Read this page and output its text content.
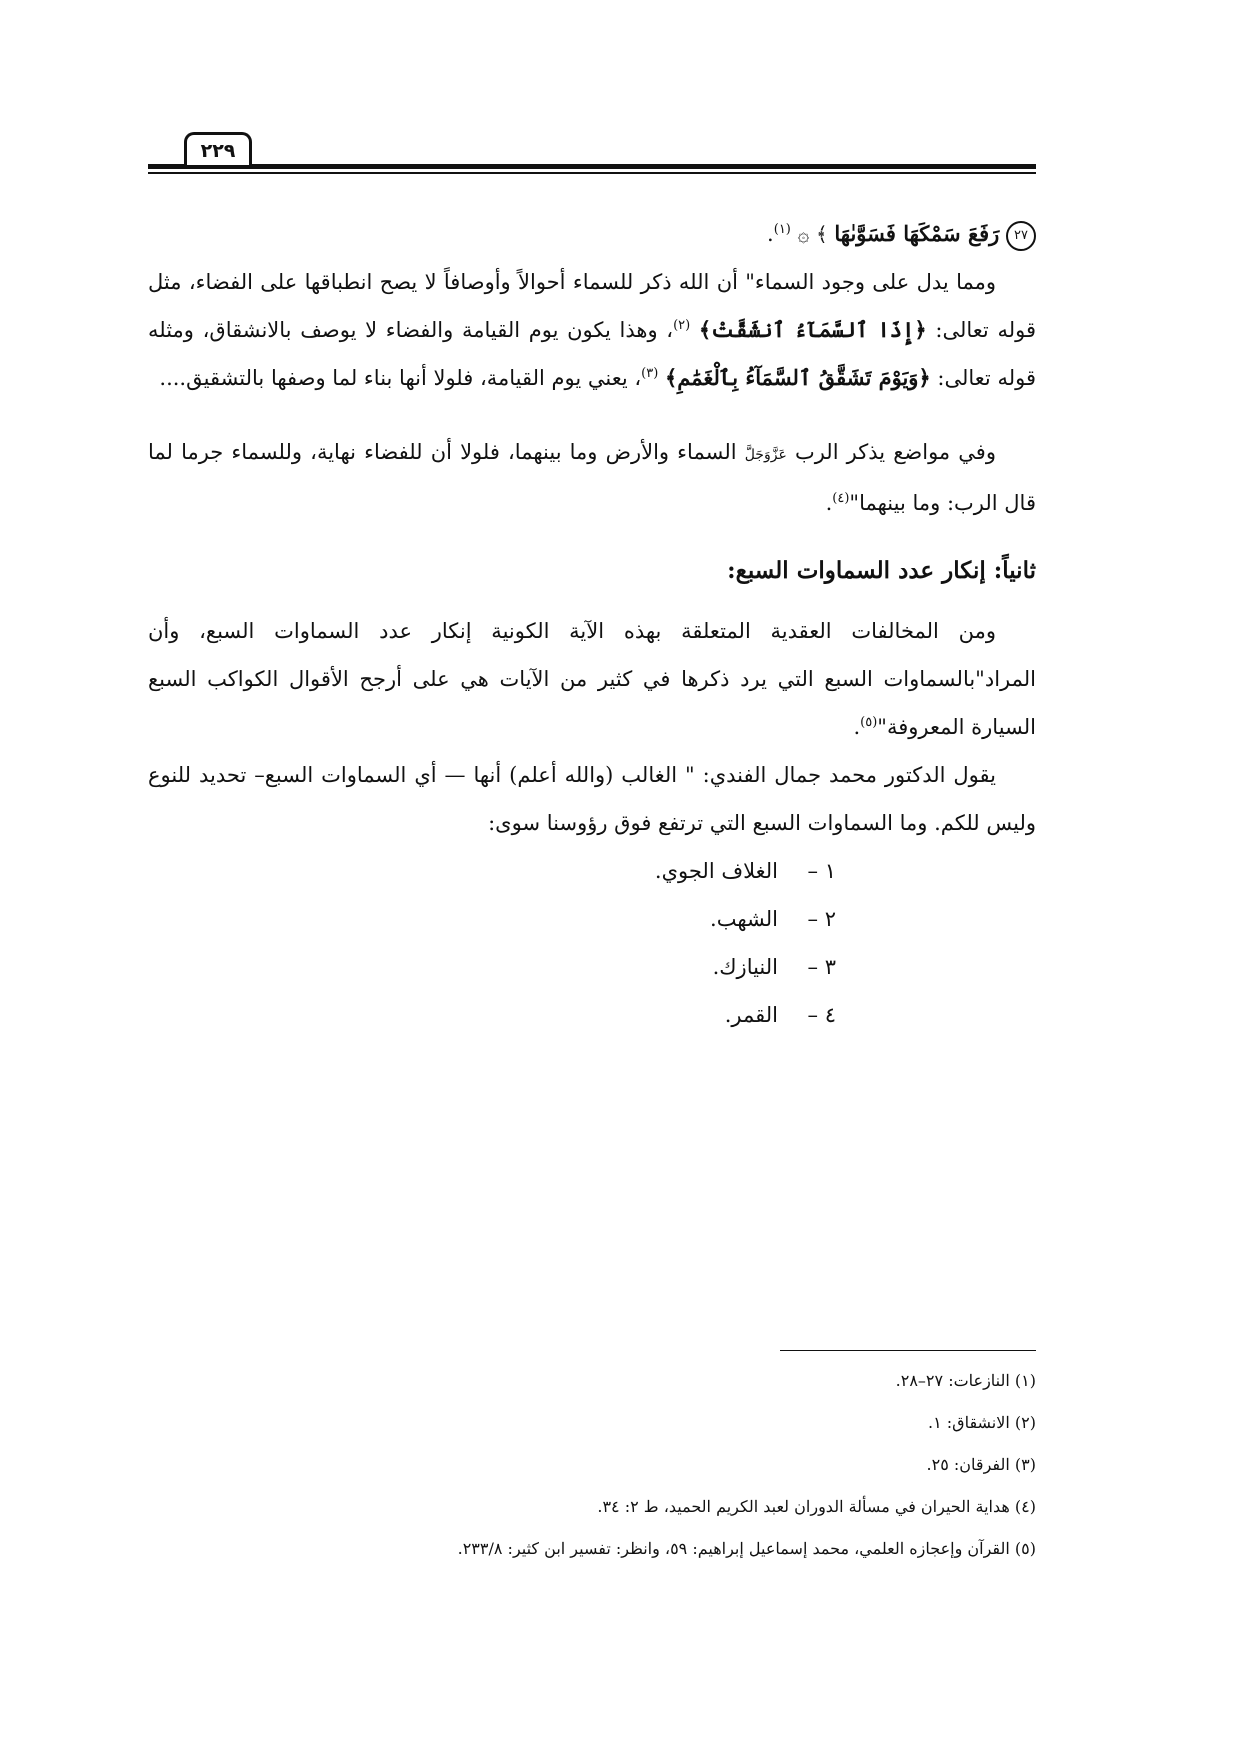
٢٢٩

٢٧ رَفَعَ سَمْكَهَا فَسَوَّىٰهَا ﴾ ۞ $^{(١)}$.

ومما يدل على وجود السماء" أن الله ذكر للسماء أحوالاً وأوصافاً لا يصح انطباقها على الفضاء، مثل قوله تعالى: ﴿إِذَا ٱلسَّمَآءُ ٱنشَقَّتْ﴾ $^{(٢)}$، وهذا يكون يوم القيامة والفضاء لا يوصف بالانشقاق، ومثله قوله تعالى: ﴿وَيَوْمَ تَشَقَّقُ ٱلسَّمَآءُ بِٱلْغَمَٰمِ﴾ $^{(٣)}$، يعني يوم القيامة، فلولا أنها بناء لما وصفها بالتشقيق....

وفي مواضع يذكر الرب عَزَّوَجَلَّ السماء والأرض وما بينهما، فلولا أن للفضاء نهاية، وللسماء جرما لما قال الرب: وما بينهما"$^{(٤)}$.

ثانياً: إنكار عدد السماوات السبع:

ومن المخالفات العقدية المتعلقة بهذه الآية الكونية إنكار عدد السماوات السبع، وأن المراد"بالسماوات السبع التي يرد ذكرها في كثير من الآيات هي على أرجح الأقوال الكواكب السبع السيارة المعروفة"$^{(٥)}$.

يقول الدكتور محمد جمال الفندي: " الغالب (والله أعلم) أنها — أي السماوات السبع– تحديد للنوع وليس للكم. وما السماوات السبع التي ترتفع فوق رؤوسنا سوى:

١ –الغلاف الجوي.
٢ –الشهب.
٣ –النيازك.
٤ –القمر.
(١) النازعات: ٢٧–٢٨.
(٢) الانشقاق: ١.
(٣) الفرقان: ٢٥.
(٤) هداية الحيران في مسألة الدوران لعبد الكريم الحميد، ط ٢: ٣٤.
(٥) القرآن وإعجازه العلمي، محمد إسماعيل إبراهيم: ٥٩، وانظر: تفسير ابن كثير: ٢٣٣/٨.
